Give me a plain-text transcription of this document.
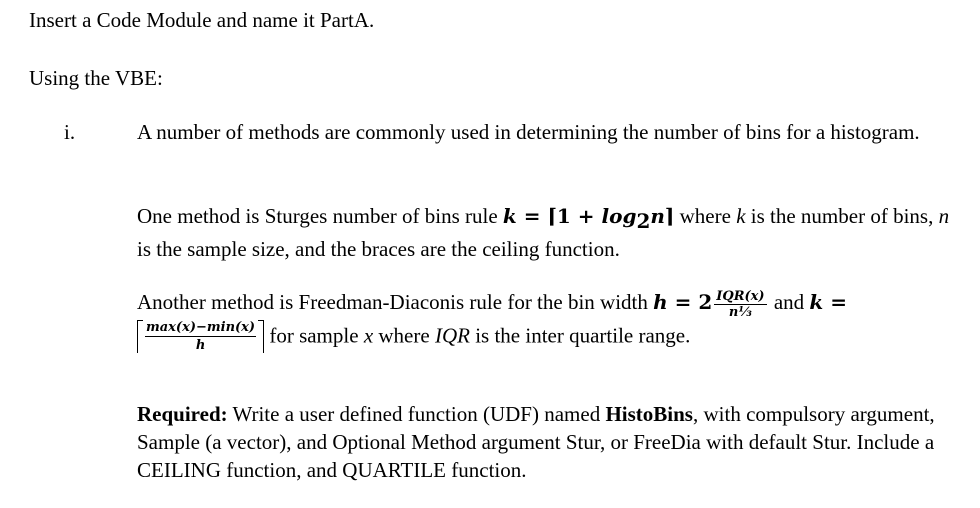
Insert a Code Module and name it PartA.
Using the VBE:
i.	A number of methods are commonly used in determining the number of bins for a histogram.
One method is Sturges number of bins rule k = ⌈1 + $\log_2n⌉$ where k is the number of bins, n is the sample size, and the braces are the ceiling function.
Another method is Freedman-Diaconis rule for the bin width $h = 2 \frac{\text{IQR(x)}}{\text{n¹⁄₃}}$ and k =

max(x)−min(x)
h	for sample x where IQR is the inter quartile range.
Required: Write a user defined function (UDF) named HistoBins, with compulsory argument, Sample (a vector), and Optional Method argument Stur, or FreeDia with default Stur. Include a CEILING function, and QUARTILE function.
